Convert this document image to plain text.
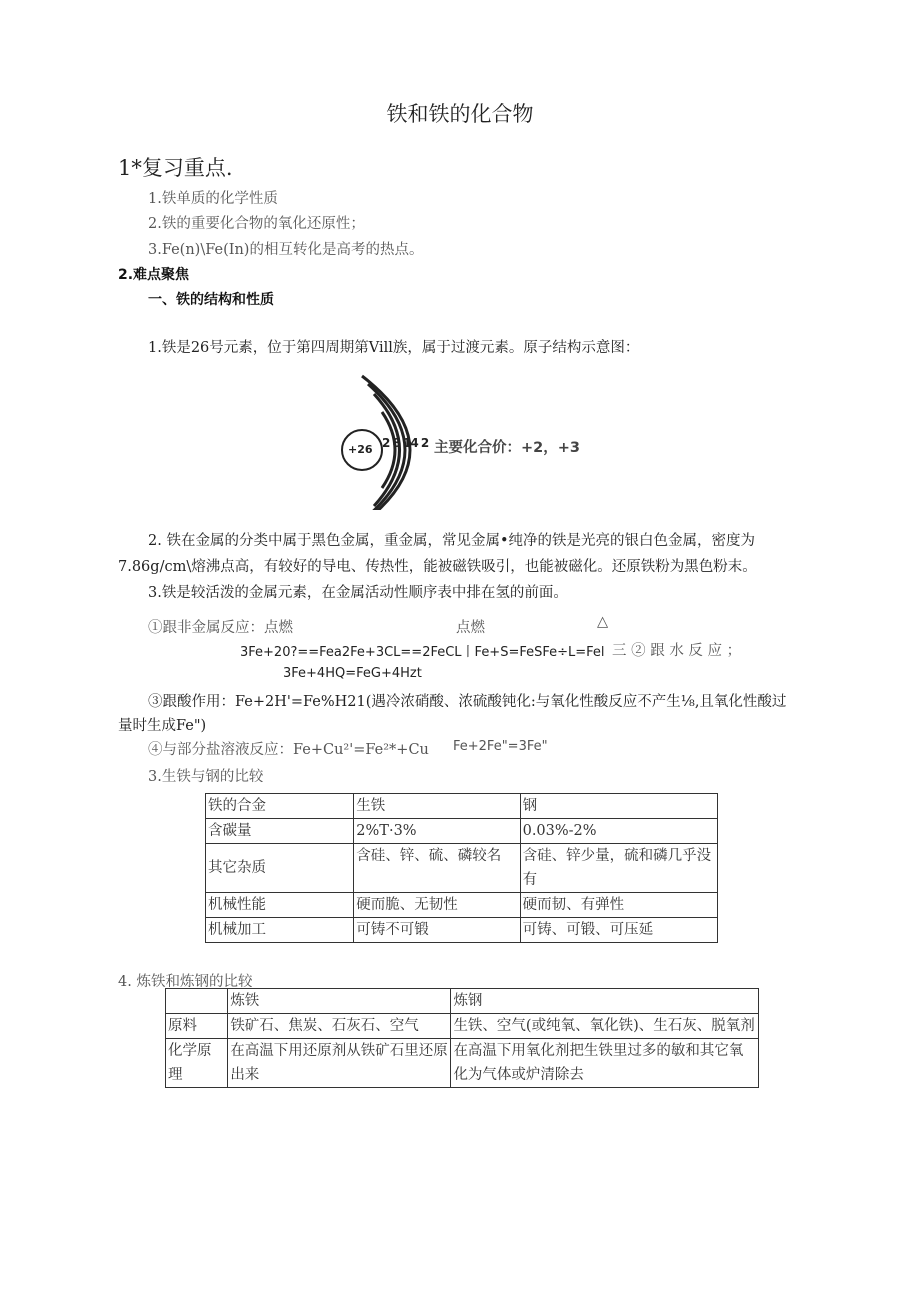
铁和铁的化合物
1*复习重点.
1.铁单质的化学性质
2.铁的重要化合物的氧化还原性；
3.Fe(n)\Fe(In)的相互转化是高考的热点。
2.难点聚焦
一、铁的结构和性质
1.铁是26号元素，位于第四周期第Vill族，属于过渡元素。原子结构示意图：
+26 2 8 14 2 主要化合价：+2，+3
2. 铁在金属的分类中属于黑色金属，重金属，常见金属•纯净的铁是光亮的银白色金属，密度为
7.86g/cm\熔沸点高，有较好的导电、传热性，能被磁铁吸引，也能被磁化。还原铁粉为黑色粉末。
3.铁是较活泼的金属元素，在金属活动性顺序表中排在氢的前面。
①跟非金属反应：点燃	点燃	△
3Fe+20?==Fea2Fe+3CL==2FeCL丨Fe+S=FeSFe÷L=Fel 三 ② 跟 水 反 应 ；
3Fe+4HQ=FeG+4Hzt
③跟酸作用：Fe+2H'=Fe%H21(遇冷浓硝酸、浓硫酸钝化:与氧化性酸反应不产生⅛,且氧化性酸过
量时生成Fe")
④与部分盐溶液反应：Fe+Cu²'=Fe²*+Cu Fe+2Fe"=3Fe"
3.生铁与钢的比较
铁的合金	生铁	钢
含碳量	2%T·3%	0.03%-2%
其它杂质	含硅、锌、硫、磷较名	含硅、锌少量，硫和磷几乎没有
机械性能	硬而脆、无韧性	硬而韧、有弹性
机械加工	可铸不可锻	可铸、可锻、可压延
4. 炼铁和炼钢的比较
	炼铁	炼钢
原料	铁矿石、焦炭、石灰石、空气	生铁、空气(或纯氧、氧化铁)、生石灰、脱氧剂
化学原理	在高温下用还原剂从铁矿石里还原出来	在高温下用氧化剂把生铁里过多的敏和其它氧化为气体或炉清除去
